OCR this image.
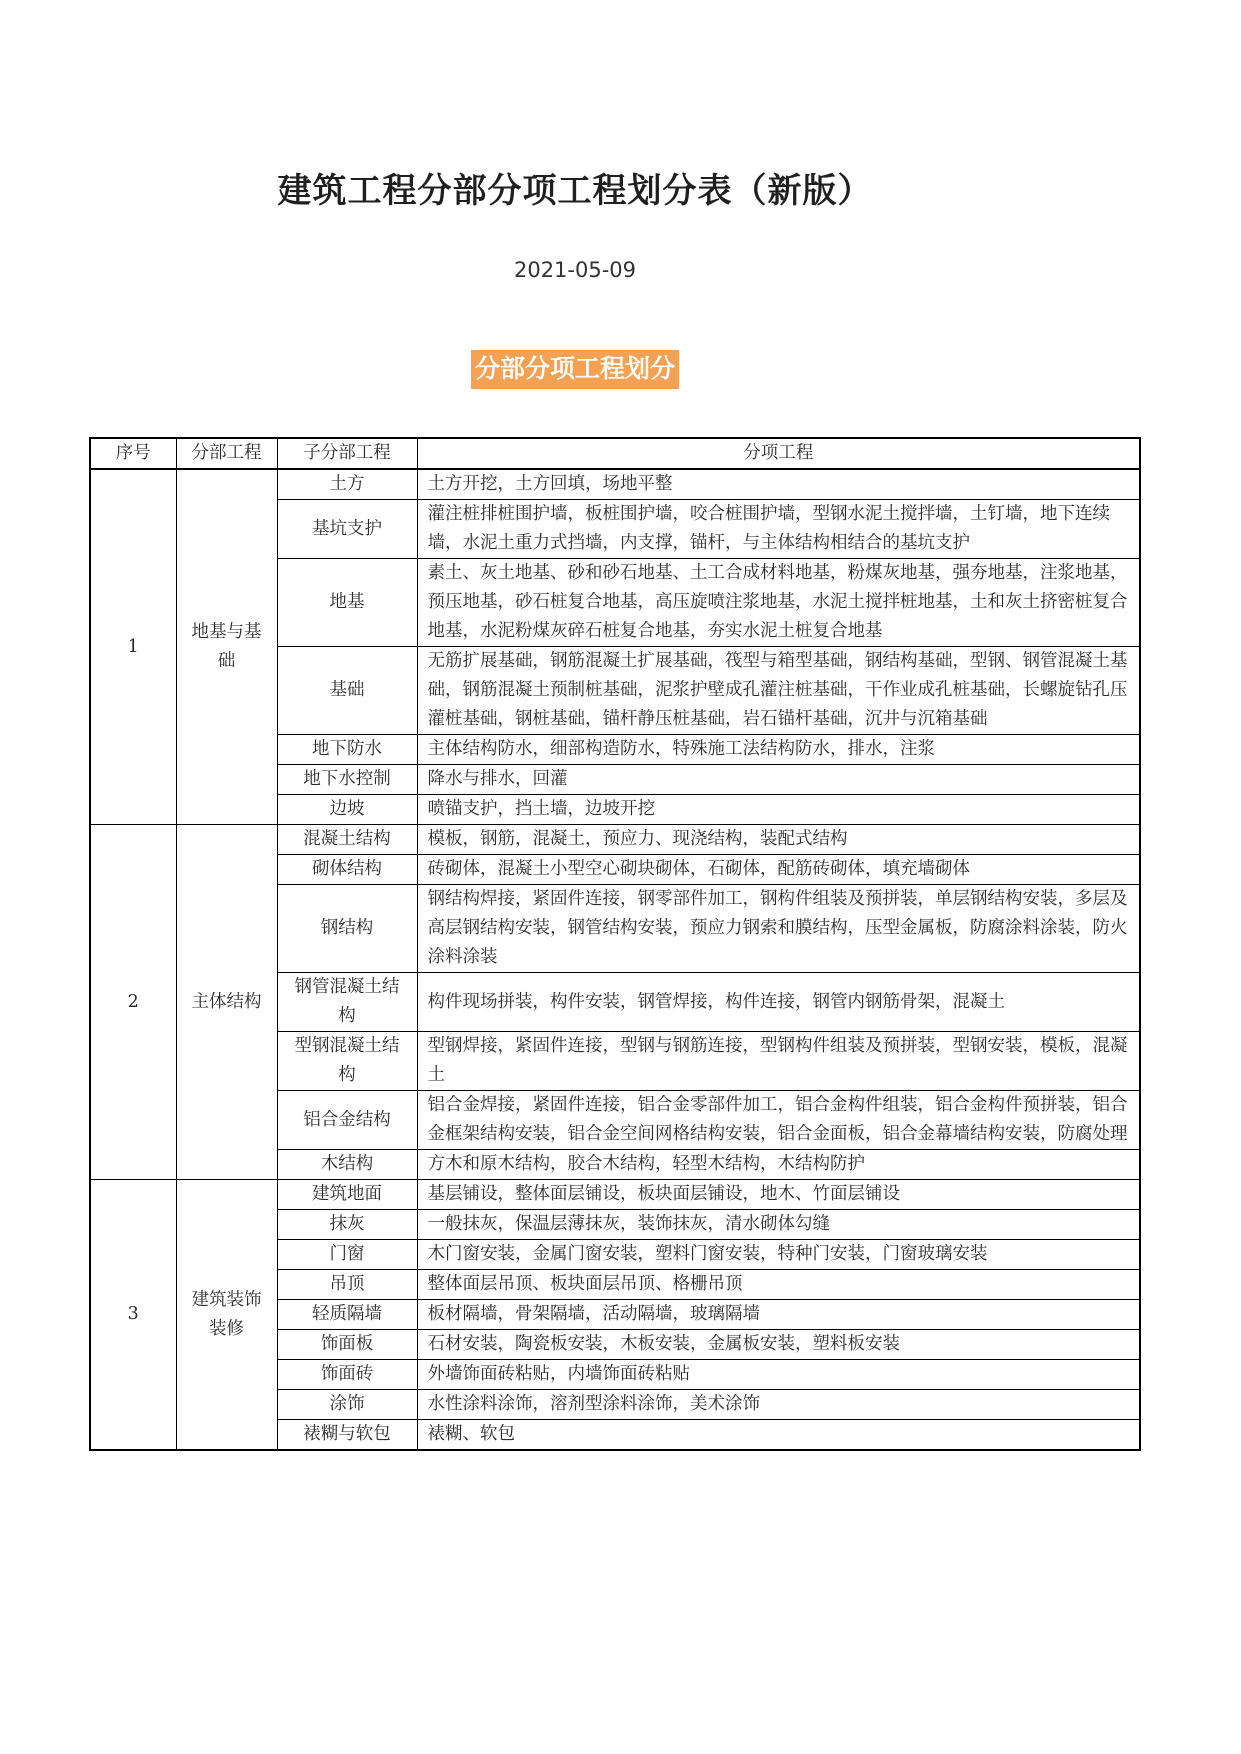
建筑工程分部分项工程划分表（新版）
2021-05-09
分部分项工程划分
序号	分部工程	子分部工程	分项工程
1	地基与基础	土方	土方开挖，土方回填，场地平整
		基坑支护	灌注桩排桩围护墙，板桩围护墙，咬合桩围护墙，型钢水泥土搅拌墙，土钉墙，地下连续墙，水泥土重力式挡墙，内支撑，锚杆，与主体结构相结合的基坑支护
		地基	素土、灰土地基、砂和砂石地基、土工合成材料地基，粉煤灰地基，强夯地基，注浆地基，预压地基，砂石桩复合地基，高压旋喷注浆地基，水泥土搅拌桩地基，土和灰土挤密桩复合地基，水泥粉煤灰碎石桩复合地基，夯实水泥土桩复合地基
		基础	无筋扩展基础，钢筋混凝土扩展基础，筏型与箱型基础，钢结构基础，型钢、钢管混凝土基础，钢筋混凝土预制桩基础，泥浆护壁成孔灌注桩基础，干作业成孔桩基础，长螺旋钻孔压灌桩基础，钢桩基础，锚杆静压桩基础，岩石锚杆基础，沉井与沉箱基础
		地下防水	主体结构防水，细部构造防水，特殊施工法结构防水，排水，注浆
		地下水控制	降水与排水，回灌
		边坡	喷锚支护，挡土墙，边坡开挖
2	主体结构	混凝土结构	模板，钢筋，混凝土，预应力、现浇结构，装配式结构
		砌体结构	砖砌体，混凝土小型空心砌块砌体，石砌体，配筋砖砌体，填充墙砌体
		钢结构	钢结构焊接，紧固件连接，钢零部件加工，钢构件组装及预拼装，单层钢结构安装，多层及高层钢结构安装，钢管结构安装，预应力钢索和膜结构，压型金属板，防腐涂料涂装，防火涂料涂装
		钢管混凝土结构	构件现场拼装，构件安装，钢管焊接，构件连接，钢管内钢筋骨架，混凝土
		型钢混凝土结构	型钢焊接，紧固件连接，型钢与钢筋连接，型钢构件组装及预拼装，型钢安装，模板，混凝土
		铝合金结构	铝合金焊接，紧固件连接，铝合金零部件加工，铝合金构件组装，铝合金构件预拼装，铝合金框架结构安装，铝合金空间网格结构安装，铝合金面板，铝合金幕墙结构安装，防腐处理
		木结构	方木和原木结构，胶合木结构，轻型木结构，木结构防护
3	建筑装饰装修	建筑地面	基层铺设，整体面层铺设，板块面层铺设，地木、竹面层铺设
		抹灰	一般抹灰，保温层薄抹灰，装饰抹灰，清水砌体勾缝
		门窗	木门窗安装，金属门窗安装，塑料门窗安装，特种门安装，门窗玻璃安装
		吊顶	整体面层吊顶、板块面层吊顶、格栅吊顶
		轻质隔墙	板材隔墙，骨架隔墙，活动隔墙，玻璃隔墙
		饰面板	石材安装，陶瓷板安装，木板安装，金属板安装，塑料板安装
		饰面砖	外墙饰面砖粘贴，内墙饰面砖粘贴
		涂饰	水性涂料涂饰，溶剂型涂料涂饰，美术涂饰
		裱糊与软包	裱糊、软包
